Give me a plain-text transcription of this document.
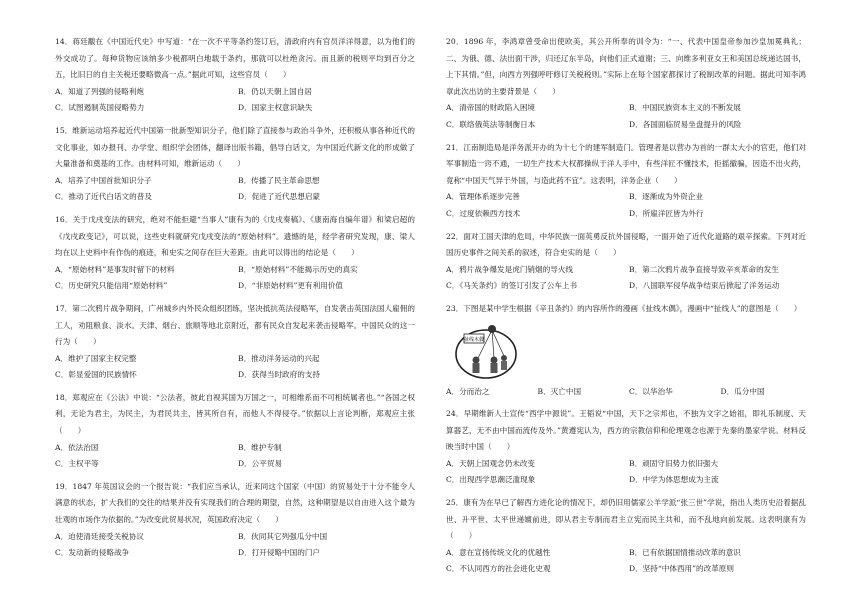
14．蒋廷黻在《中国近代史》中写道：“在一次不平等条约签订后，清政府内有官员洋洋得意，以为他们的外交成功了。每种货物应该纳多少税都明白地载于条约，那就可以杜绝贪污。而且新的税则平均到百分之五，比旧日的自主关税还要略微高一点。”据此可知，这些官员（　　）

A．知道了列强的侵略利炮	B．仍以天朝上国自居
C．试图遏制英国侵略势力	D．国家主权意识缺失

15．维新运动培养起近代中国第一批新型知识分子，他们除了直接参与政治斗争外，还积极从事各种近代的文化事业，如办报刊、办学堂、组织学会团体，翻译出版书籍，倡导白话文，为中国近代新文化的形成做了大量准备和奠基的工作。由材料可知，维新运动（　　）

A．培养了中国首批知识分子	B．传播了民主革命思想
C．推动了近代白话文的普及	D．促进了近代思想启蒙

16．关于戊戌变法的研究，绝对不能拒避“当事人”康有为的《戊戌奏稿》、《康南海自编年谱》和梁启超的《戊戌政变记》，可以说，这些史料就研究戊戌变法的“原始材料”。遗憾的是，经学者研究发现，康、梁人均在以上史料中有作伪的痕迹，和史实之间存在巨大差距。由此可以得出的结论是（　　）

A．“原始材料”是事发时留下的材料	B．“原始材料”不能揭示历史的真实
C．历史研究只能信用“原始材料”	D．“非原始材料”更有利用价值

17．第二次鸦片战争期间，广州城乡内外民众组织团练，坚决抵抗英法侵略军，自发袭击英国法国人雇佣的工人，劝阻粮食、淡水。天津、烟台、旅顺等地北京附近，都有民众自发起来袭击侵略军。中国民众的这一行为（　　）

A．维护了国家主权完整	B．推动洋务运动的兴起
C．彰显爱国的民族情怀	D．获得当时政府的支持

18．郑观应在《公法》中说：“公法者，彼此自视其国为万国之一，可相维系而不可相统属者也。”“各国之权利，无论为君主，为民主，为君民共主，皆其所自有，而他人不得侵夺。”依据以上言论判断，郑观应主张（　　）

A．依法治国	B．维护专制
C．主权平等	D．公平贸易

19．1847 年英国议会的一个报告说：“我们应当承认，近来同这个国家（中国）的贸易处于十分不能令人满意的状态，扩大我们的交往的结果并没有实现我们的合理的期望，自然，这种期望是以自由进入这个最为壮观的市场作为依据的。”为改变此贸易状况，英国政府决定（　　）

A．迫使清廷接受关税协议	B．伙同其它列强瓜分中国
C．发动新的侵略战争	D．打开侵略中国的门户

20．1896 年，李鸿章曾受命出使欧美，其公开所奉的训令为：“一、代表中国皇帝参加沙皇加冕典礼；二、为俄、德、法出面干涉，归还辽东半岛，向他们正式道谢；三、向维多利亚女王和美国总统递达国书，上下其情。”但，向西方列强呼吁修订关税税则。”实际上在每个国家都探讨了税制改革的问题。据此可知李鸿章此次出访的主要背景是（　　）

A．清帝国的财政陷入困境	B．中国民族资本主义的不断发展
C．联络俄英法等制衡日本	D．各国面临贸易坐盘提升的风险

21．江南制造局是洋务派开办的为十七个的建军制造门。管理者是以营办为首的一群太大小的官吏，他们对军事制造一窍不通，一切生产技术大权都操纵于洋人手中，有些洋匠不懂技术，拒摇撤骗，因造不出火药，竟称“中国天气异于外国，与造此药不宜”。这表明，洋务企业（　　）

A．管理体系逐步完善	B．逐渐成为外资企业
C．过度依赖西方技术	D．所雇洋匠皆为外行

22．面对工国天津的危局，中华民族一面英勇反抗外国侵略，一面开始了近代化道路的艰辛探索。下列对近国历史事件之间关系的叙述，符合史实的是（　　）

A．鸦片战争爆发是虎门销烟的导火线	B．第二次鸦片战争直接导致辛亥革命的发生
C．《马关条约》的签订引发了公车上书	D．八国联军侵华战争结束后掀起了洋务运动

23．下图是某中学生根据《辛丑条约》的内容所作的漫画《扯线木偶》，漫画中“扯线人”的意图是（　　）

扯线木偶
A．分而治之	B．灭亡中国	C．以华治华	D．瓜分中国

24．早期维新人士宣传“西学中源说”。王韬说“中国，天下之宗邦也，不独为文字之始祖，即礼乐制度、天算器艺，无不由中国而流传及外。”黄遵宪认为，西方的宗教信仰和伦理观念也源于先秦的墨家学说。材料反映当时中国（　　）

A．天朝上国观念仍未改变	B．顽固守旧势力依旧强大
C．出现西学思潮泛滥现象	D．中学为体思想成为主流

25．康有为在早已了解西方进化论的情况下，却仍旧用儒家公羊学派“张三世”学说，指出人类历史沿着据乱世、升平世、太平世递嬗前进，即从君主专制而君主立宪而民主共和，而不乱地向前发展。这表明康有为（　　）

A．意在宣扬传统文化的优越性	B．已有依据国情推动改革的意识
C．不认同西方的社会进化史观	D．坚持“中体西用”的改革原则
